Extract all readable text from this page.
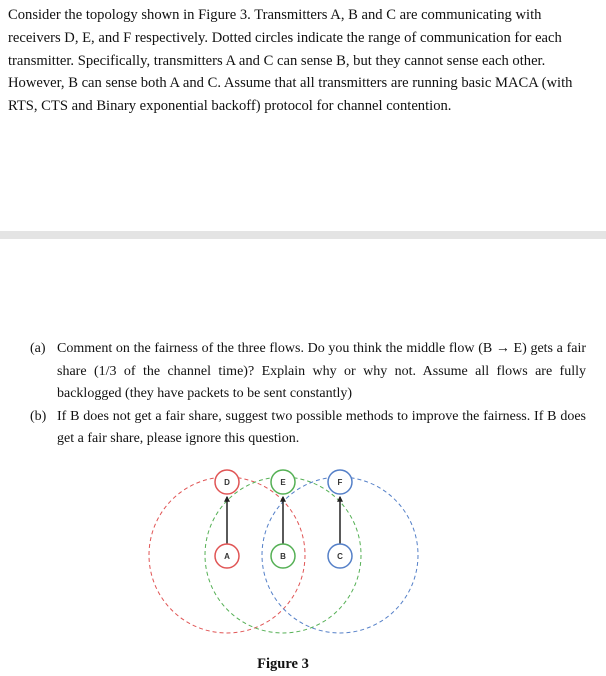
Consider the topology shown in Figure 3. Transmitters A, B and C are communicating with receivers D, E, and F respectively. Dotted circles indicate the range of communication for each transmitter. Specifically, transmitters A and C can sense B, but they cannot sense each other. However, B can sense both A and C. Assume that all transmitters are running basic MACA (with RTS, CTS and Binary exponential backoff) protocol for channel contention.

(a) Comment on the fairness of the three flows. Do you think the middle flow (B → E) gets a fair share (1/3 of the channel time)? Explain why or why not. Assume all flows are fully backlogged (they have packets to be sent constantly)
(b) If B does not get a fair share, suggest two possible methods to improve the fairness. If B does get a fair share, please ignore this question.
D	E	F
A	B	C
Figure 3
